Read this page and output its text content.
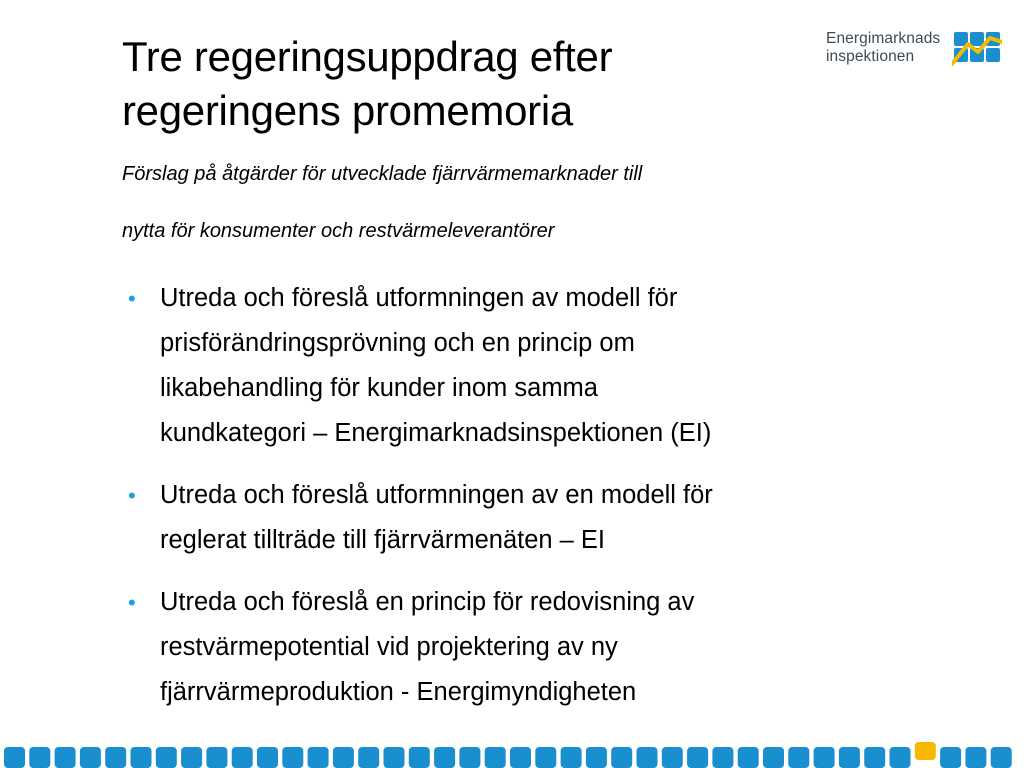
Tre regeringsuppdrag efter
regeringens promemoria

Förslag på åtgärder för utvecklade fjärrvärmemarknader till

nytta för konsumenter och restvärmeleverantörer

Energimarknads
inspektionen
• Utreda och föreslå utformningen av modell för
prisförändringsprövning och en princip om
likabehandling för kunder inom samma
kundkategori – Energimarknadsinspektionen (EI)
• Utreda och föreslå utformningen av en modell för
reglerat tillträde till fjärrvärmenäten – EI
• Utreda och föreslå en princip för redovisning av
restvärmepotential vid projektering av ny
fjärrvärmeproduktion - Energimyndigheten
